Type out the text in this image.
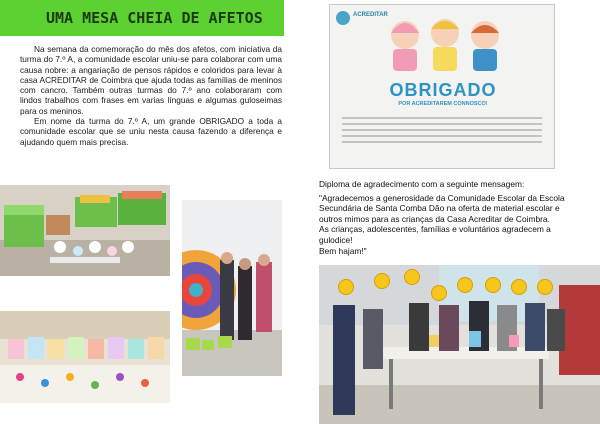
UMA MESA CHEIA DE AFETOS

Na semana da comemoração do mês dos afetos, com iniciativa da turma do 7.º A, a comunidade escolar uniu-se para colaborar com uma causa nobre: a angariação de pensos rápidos e coloridos para levar à casa ACREDITAR de Coimbra que ajuda todas as famílias de meninos com cancro. Também outras turmas do 7.º ano colaboraram com lindos trabalhos com frases em varias línguas e algumas guloseimas para os meninos.

Em nome da turma do 7.º A, um grande OBRIGADO a toda a comunidade escolar que se uniu nesta causa fazendo a diferença e ajudando quem mais precisa.

ACREDITAR
OBRIGADO
POR ACREDITAREM CONNOSCO!
Diploma de agradecimento com a seguinte mensagem:
"Agradecemos a generosidade da Comunidade Escolar da Escola Secundária de Santa Comba Dão na oferta de material escolar e outros mimos para as crianças da Casa Acreditar de Coimbra.
As crianças, adolescentes, famílias e voluntários agradecem a gulodice!
Bem hajam!"
